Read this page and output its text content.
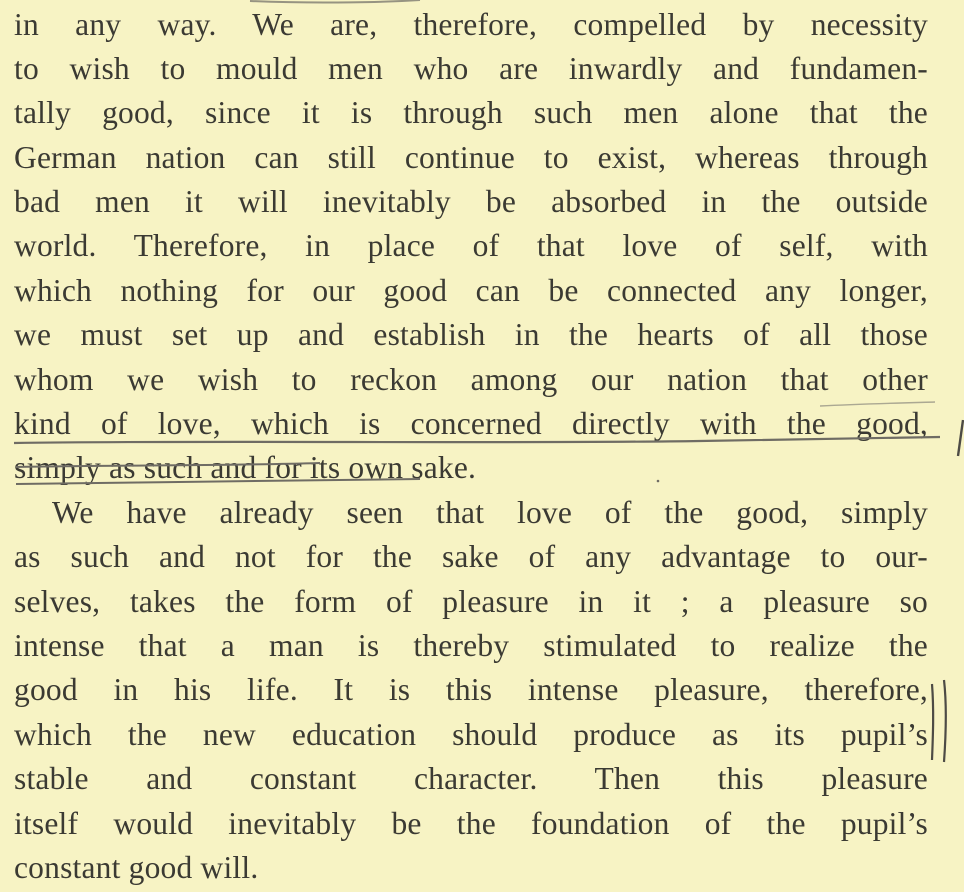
in any way. We are, therefore, compelled by necessity
to wish to mould men who are inwardly and fundamen-
tally good, since it is through such men alone that the
German nation can still continue to exist, whereas through
bad men it will inevitably be absorbed in the outside
world. Therefore, in place of that love of self, with
which nothing for our good can be connected any longer,
we must set up and establish in the hearts of all those
whom we wish to reckon among our nation that other
kind of love, which is concerned directly with the good,
simply as such and for its own sake.
We have already seen that love of the good, simply
as such and not for the sake of any advantage to our-
selves, takes the form of pleasure in it ; a pleasure so
intense that a man is thereby stimulated to realize the
good in his life. It is this intense pleasure, therefore,
which the new education should produce as its pupil’s
stable and constant character. Then this pleasure
itself would inevitably be the foundation of the pupil’s
constant good will.
